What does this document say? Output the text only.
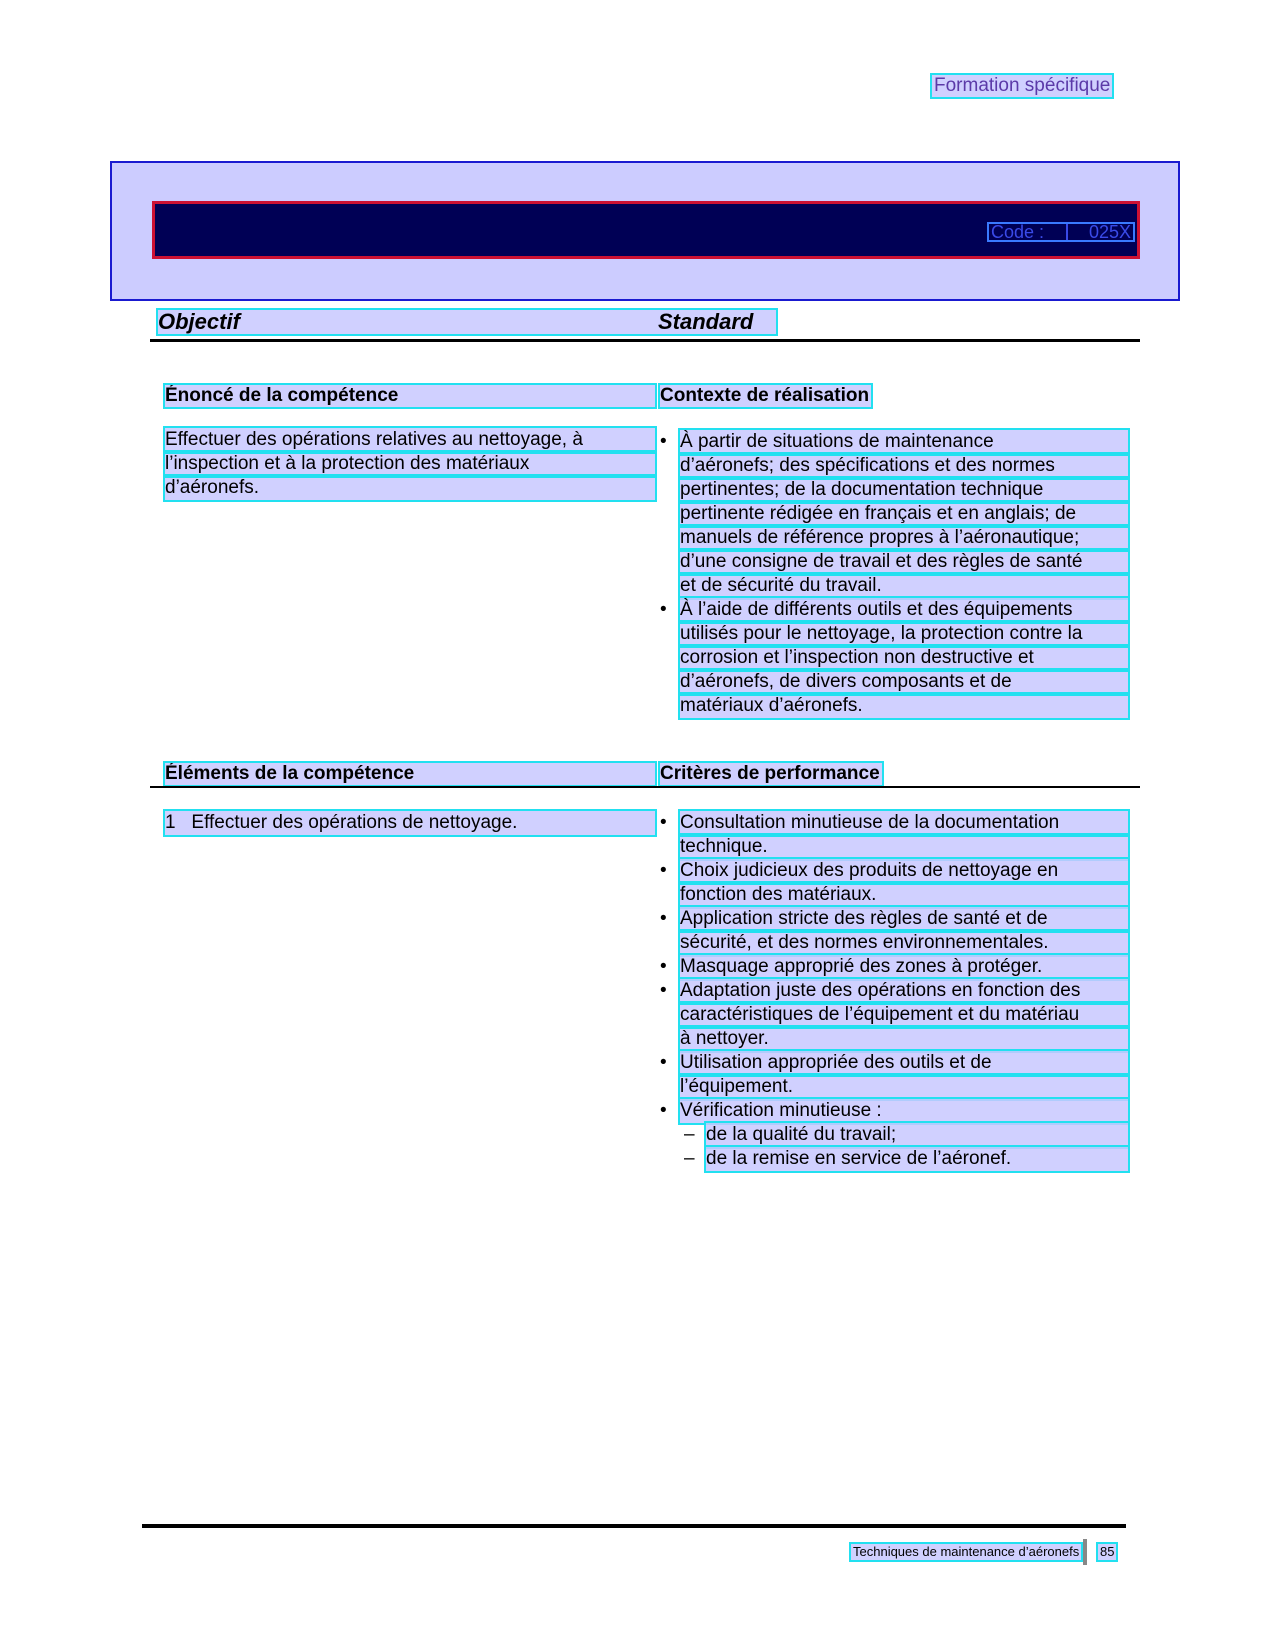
Formation spécifique
Code : 025X
Objectif	Standard
Énoncé de la compétence	Contexte de réalisation
Effectuer des opérations relatives au nettoyage, à
l’inspection et à la protection des matériaux
d’aéronefs.
• À partir de situations de maintenance
d’aéronefs; des spécifications et des normes
pertinentes; de la documentation technique
pertinente rédigée en français et en anglais; de
manuels de référence propres à l’aéronautique;
d’une consigne de travail et des règles de santé
et de sécurité du travail.
• À l’aide de différents outils et des équipements
utilisés pour le nettoyage, la protection contre la
corrosion et l’inspection non destructive et
d’aéronefs, de divers composants et de
matériaux d’aéronefs.
Éléments de la compétence	Critères de performance
1   Effectuer des opérations de nettoyage.
•	Consultation minutieuse de la documentation
technique.
• Choix judicieux des produits de nettoyage en
fonction des matériaux.
• Application stricte des règles de santé et de
sécurité, et des normes environnementales.
• Masquage approprié des zones à protéger.
• Adaptation juste des opérations en fonction des
caractéristiques de l’équipement et du matériau
à nettoyer.
• Utilisation appropriée des outils et de
l’équipement.
• Vérification minutieuse :
– de la qualité du travail;
– de la remise en service de l’aéronef.
Techniques de maintenance d’aéronefs 85
